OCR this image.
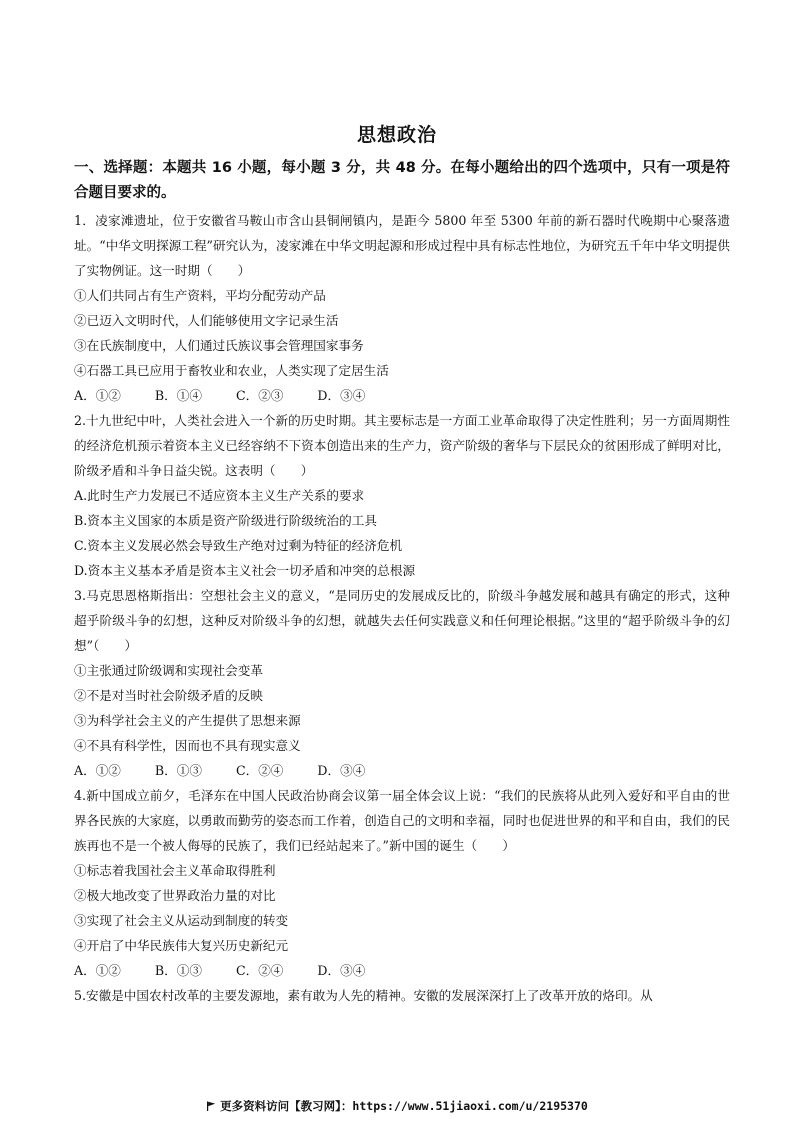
思想政治

一、选择题：本题共 16 小题，每小题 3 分，共 48 分。在每小题给出的四个选项中，只有一项是符合题目要求的。

1．凌家滩遗址，位于安徽省马鞍山市含山县铜闸镇内，是距今 5800 年至 5300 年前的新石器时代晚期中心聚落遗址。“中华文明探源工程”研究认为，凌家滩在中华文明起源和形成过程中具有标志性地位，为研究五千年中华文明提供了实物例证。这一时期（　　）

①人们共同占有生产资料，平均分配劳动产品

②已迈入文明时代，人们能够使用文字记录生活

③在氏族制度中，人们通过氏族议事会管理国家事务

④石器工具已应用于畜牧业和农业，人类实现了定居生活

A．①②	B．①④	C．②③	D．③④

2.十九世纪中叶，人类社会进入一个新的历史时期。其主要标志是一方面工业革命取得了决定性胜利；另一方面周期性的经济危机预示着资本主义已经容纳不下资本创造出来的生产力，资产阶级的奢华与下层民众的贫困形成了鲜明对比，阶级矛盾和斗争日益尖锐。这表明（　　）

A.此时生产力发展已不适应资本主义生产关系的要求

B.资本主义国家的本质是资产阶级进行阶级统治的工具

C.资本主义发展必然会导致生产绝对过剩为特征的经济危机

D.资本主义基本矛盾是资本主义社会一切矛盾和冲突的总根源

3.马克思恩格斯指出：空想社会主义的意义，“是同历史的发展成反比的，阶级斗争越发展和越具有确定的形式，这种超乎阶级斗争的幻想，这种反对阶级斗争的幻想，就越失去任何实践意义和任何理论根据。”这里的“超乎阶级斗争的幻想”（　　）

①主张通过阶级调和实现社会变革

②不是对当时社会阶级矛盾的反映

③为科学社会主义的产生提供了思想来源

④不具有科学性，因而也不具有现实意义

A．①②	B．①③	C．②④	D．③④

4.新中国成立前夕，毛泽东在中国人民政治协商会议第一届全体会议上说：“我们的民族将从此列入爱好和平自由的世界各民族的大家庭，以勇敢而勤劳的姿态而工作着，创造自己的文明和幸福，同时也促进世界的和平和自由，我们的民族再也不是一个被人侮辱的民族了，我们已经站起来了。”新中国的诞生（　　）

①标志着我国社会主义革命取得胜利

②极大地改变了世界政治力量的对比

③实现了社会主义从运动到制度的转变

④开启了中华民族伟大复兴历史新纪元

A．①②	B．①③	C．②④	D．③④

5.安徽是中国农村改革的主要发源地，素有敢为人先的精神。安徽的发展深深打上了改革开放的烙印。从

更多资料访问【教习网】：https://www.51jiaoxi.com/u/2195370
